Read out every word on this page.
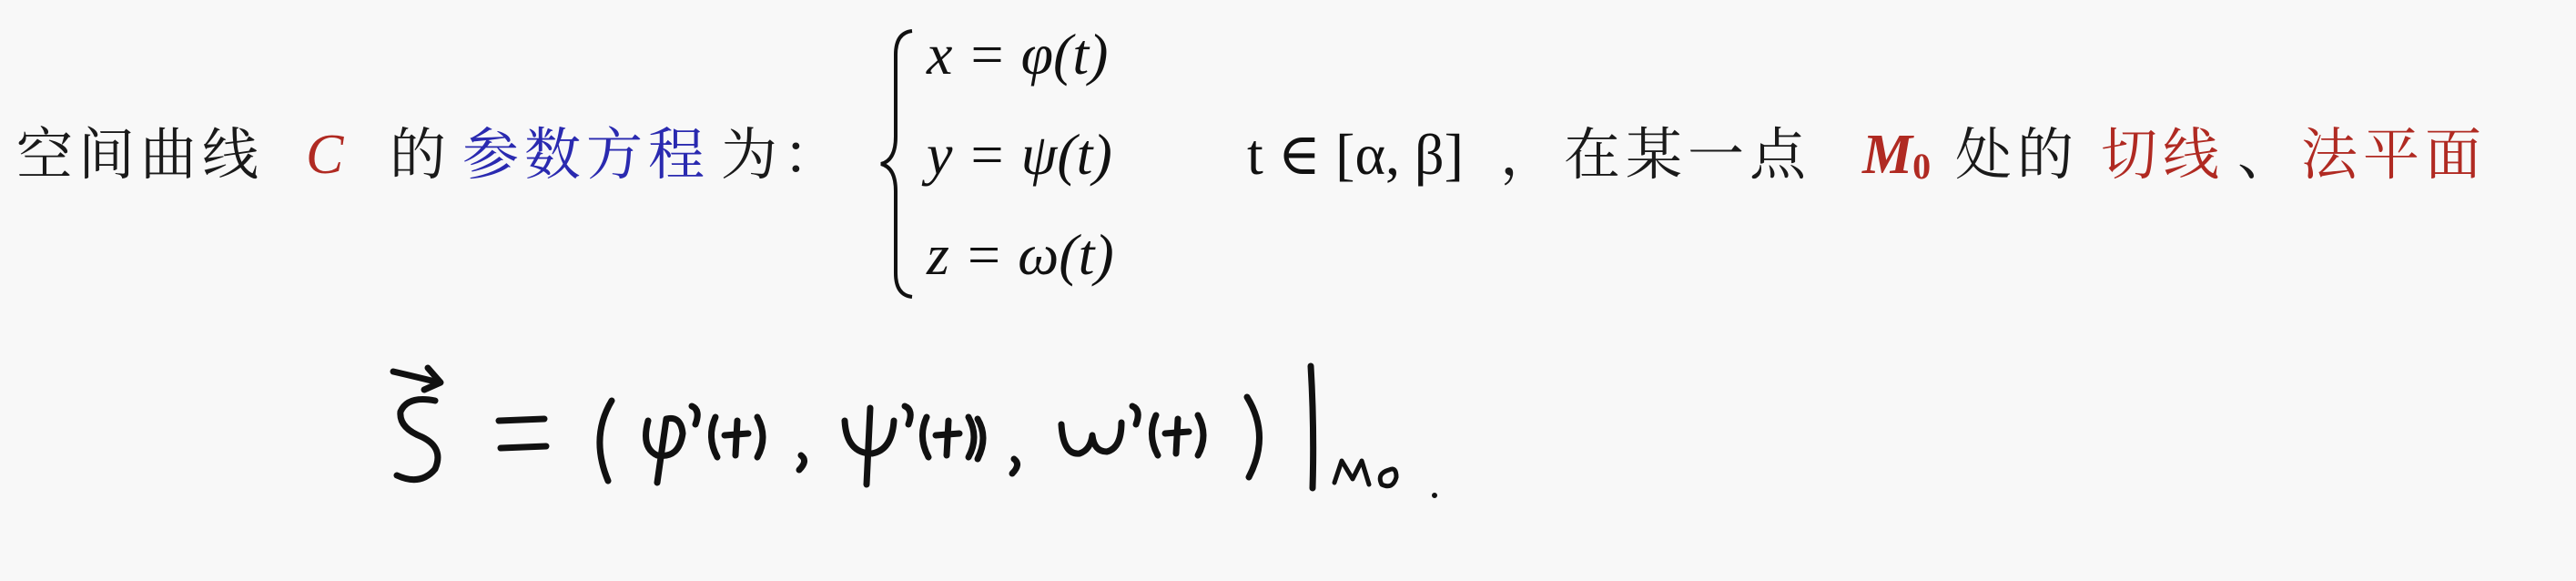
空间曲线 C 的 参数方程 为：
x = φ(t)
y = ψ(t)
z = ω(t)
t ∈ [α, β] ， 在某一点 $M_0$ 处的 切线 、 法平面
